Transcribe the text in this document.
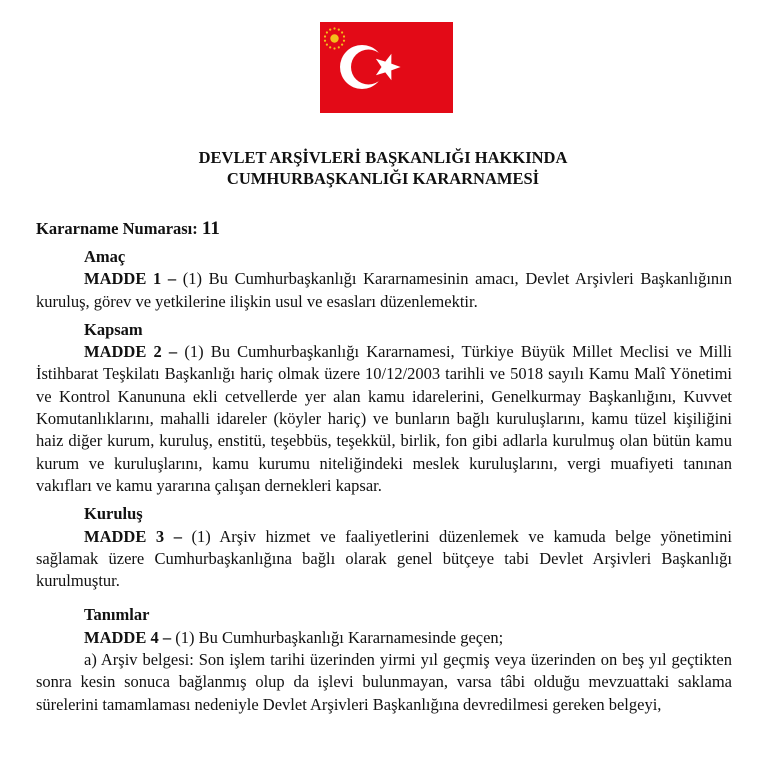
DEVLET ARŞİVLERİ BAŞKANLIĞI HAKKINDA
CUMHURBAŞKANLIĞI KARARNAMESİ
Kararname Numarası: 11
Amaç

MADDE 1 – (1) Bu Cumhurbaşkanlığı Kararnamesinin amacı, Devlet Arşivleri Başkanlığının kuruluş, görev ve yetkilerine ilişkin usul ve esasları düzenlemektir.

Kapsam

MADDE 2 – (1) Bu Cumhurbaşkanlığı Kararnamesi, Türkiye Büyük Millet Meclisi ve Milli İstihbarat Teşkilatı Başkanlığı hariç olmak üzere 10/12/2003 tarihli ve 5018 sayılı Kamu Malî Yönetimi ve Kontrol Kanununa ekli cetvellerde yer alan kamu idarelerini, Genelkurmay Başkanlığını, Kuvvet Komutanlıklarını, mahalli idareler (köyler hariç) ve bunların bağlı kuruluşlarını, kamu tüzel kişiliğini haiz diğer kurum, kuruluş, enstitü, teşebbüs, teşekkül, birlik, fon gibi adlarla kurulmuş olan bütün kamu kurum ve kuruluşlarını, kamu kurumu niteliğindeki meslek kuruluşlarını, vergi muafiyeti tanınan vakıfları ve kamu yararına çalışan dernekleri kapsar.

Kuruluş

MADDE 3 – (1) Arşiv hizmet ve faaliyetlerini düzenlemek ve kamuda belge yönetimini sağlamak üzere Cumhurbaşkanlığına bağlı olarak genel bütçeye tabi Devlet Arşivleri Başkanlığı kurulmuştur.

Tanımlar

MADDE 4 – (1) Bu Cumhurbaşkanlığı Kararnamesinde geçen;

a) Arşiv belgesi: Son işlem tarihi üzerinden yirmi yıl geçmiş veya üzerinden on beş yıl geçtikten sonra kesin sonuca bağlanmış olup da işlevi bulunmayan, varsa tâbi olduğu mevzuattaki saklama sürelerini tamamlaması nedeniyle Devlet Arşivleri Başkanlığına devredilmesi gereken belgeyi,
